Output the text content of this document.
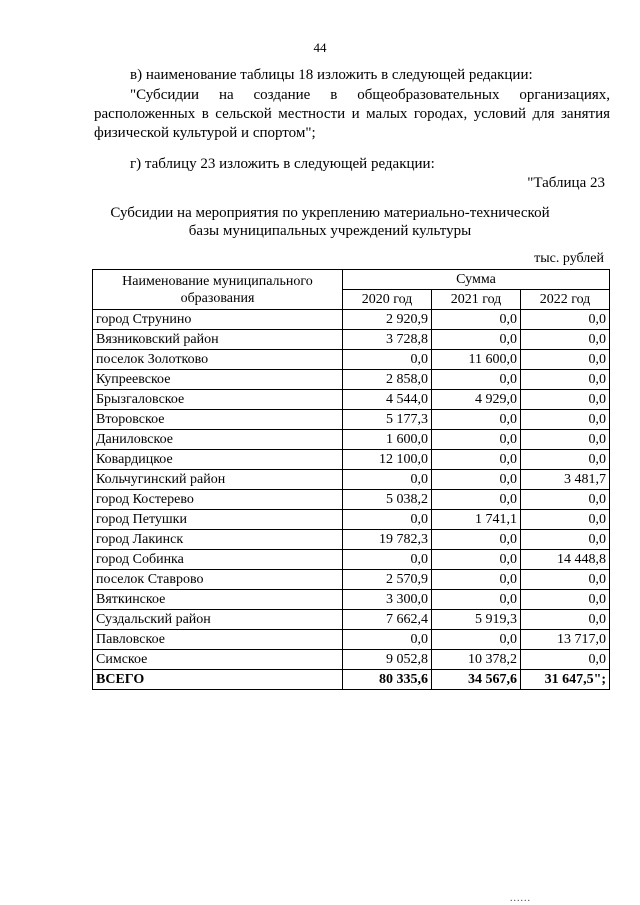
44
в) наименование таблицы 18 изложить в следующей редакции:
"Субсидии на создание в общеобразовательных организациях,
расположенных в сельской местности и малых городах, условий для занятия
физической культурой и спортом";
г) таблицу 23 изложить в следующей редакции:
"Таблица 23
Субсидии на мероприятия по укреплению материально-технической
базы муниципальных учреждений культуры
тыс. рублей
Наименование муниципального образования	Сумма		
	2020 год	2021 год	2022 год
город Струнино	2 920,9	0,0	0,0
Вязниковский район	3 728,8	0,0	0,0
поселок Золотково	0,0	11 600,0	0,0
Купреевское	2 858,0	0,0	0,0
Брызгаловское	4 544,0	4 929,0	0,0
Второвское	5 177,3	0,0	0,0
Даниловское	1 600,0	0,0	0,0
Ковардицкое	12 100,0	0,0	0,0
Кольчугинский район	0,0	0,0	3 481,7
город Костерево	5 038,2	0,0	0,0
город Петушки	0,0	1 741,1	0,0
город Лакинск	19 782,3	0,0	0,0
город Собинка	0,0	0,0	14 448,8
поселок Ставрово	2 570,9	0,0	0,0
Вяткинское	3 300,0	0,0	0,0
Суздальский район	7 662,4	5 919,3	0,0
Павловское	0,0	0,0	13 717,0
Симское	9 052,8	10 378,2	0,0
ВСЕГО	80 335,6	34 567,6	31 647,5";
......
